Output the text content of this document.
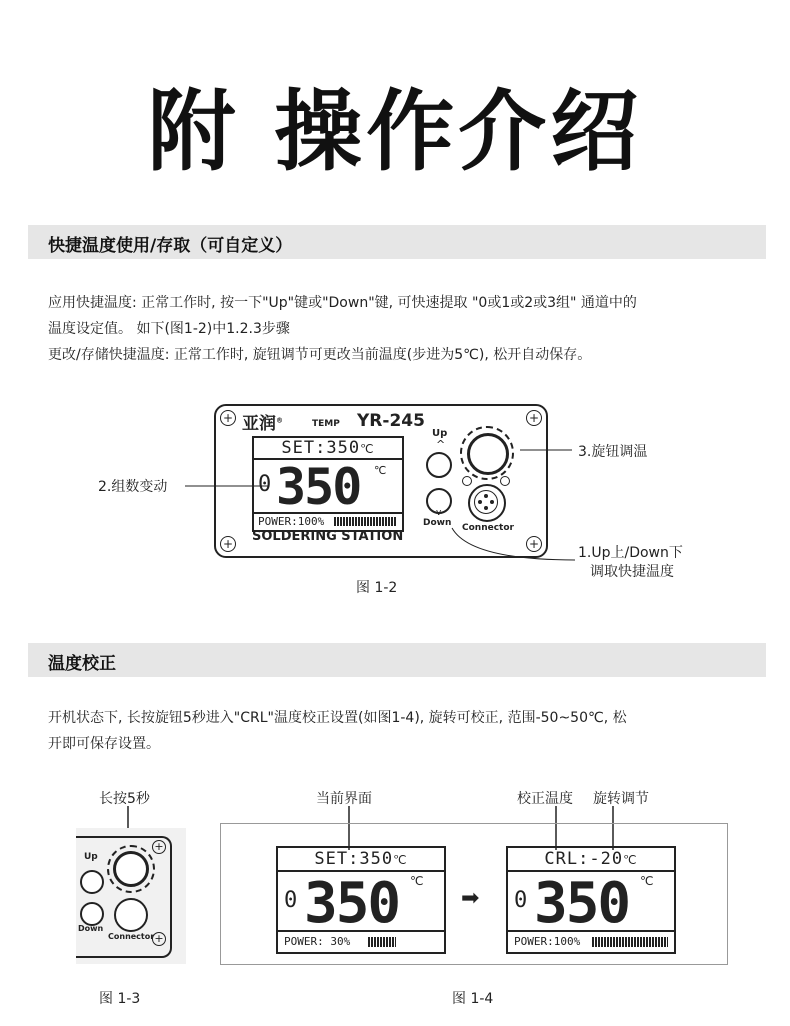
附 操作介绍
快捷温度使用/存取（可自定义）
应用快捷温度: 正常工作时, 按一下"Up"键或"Down"键, 可快速提取 "0或1或2或3组" 通道中的
温度设定值。 如下(图1-2)中1.2.3步骤
更改/存储快捷温度: 正常工作时, 旋钮调节可更改当前温度(步进为5℃), 松开自动保存。
+	+
+	+
亚润®	TEMP YR-245
SET:350℃
0 350 ℃
POWER:100%
SOLDERING STATION
Up
^
v
Down Connector
2.组数变动
3.旋钮调温
1.Up上/Down下
调取快捷温度
图 1-2
温度校正
开机状态下, 长按旋钮5秒进入"CRL"温度校正设置(如图1-4), 旋转可校正, 范围-50~50℃, 松
开即可保存设置。
长按5秒
+
+
Up
Down
Connector
图 1-3
当前界面	校正温度 旋转调节
SET:350℃
0 350 ℃
POWER: 30%
➡
CRL:-20℃
0 350 ℃
POWER:100%
图 1-4
